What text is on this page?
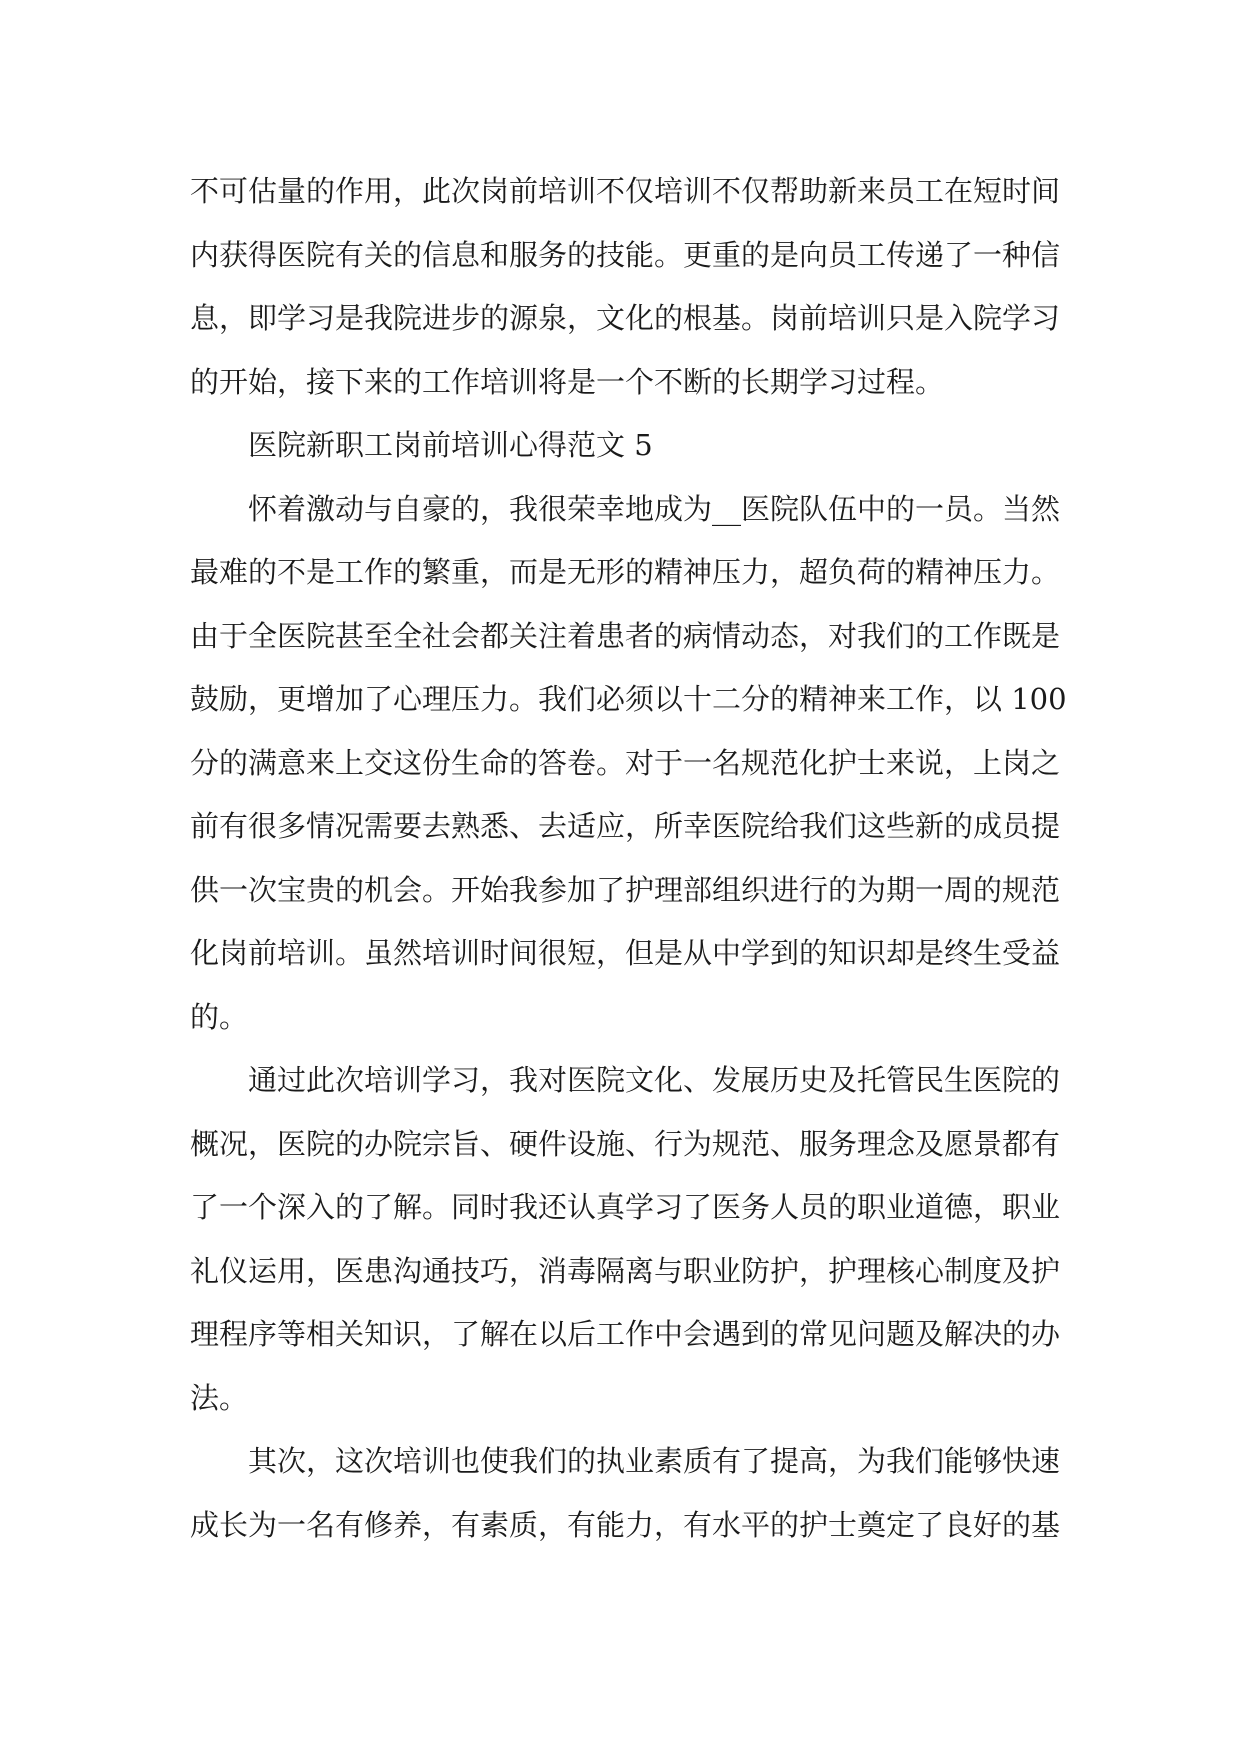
不可估量的作用，此次岗前培训不仅培训不仅帮助新来员工在短时间
内获得医院有关的信息和服务的技能。更重的是向员工传递了一种信
息，即学习是我院进步的源泉，文化的根基。岗前培训只是入院学习
的开始，接下来的工作培训将是一个不断的长期学习过程。
医院新职工岗前培训心得范文 5
怀着激动与自豪的，我很荣幸地成为__医院队伍中的一员。当然
最难的不是工作的繁重，而是无形的精神压力，超负荷的精神压力。
由于全医院甚至全社会都关注着患者的病情动态，对我们的工作既是
鼓励，更增加了心理压力。我们必须以十二分的精神来工作，以 100
分的满意来上交这份生命的答卷。对于一名规范化护士来说，上岗之
前有很多情况需要去熟悉、去适应，所幸医院给我们这些新的成员提
供一次宝贵的机会。开始我参加了护理部组织进行的为期一周的规范
化岗前培训。虽然培训时间很短，但是从中学到的知识却是终生受益
的。
通过此次培训学习，我对医院文化、发展历史及托管民生医院的
概况，医院的办院宗旨、硬件设施、行为规范、服务理念及愿景都有
了一个深入的了解。同时我还认真学习了医务人员的职业道德，职业
礼仪运用，医患沟通技巧，消毒隔离与职业防护，护理核心制度及护
理程序等相关知识，了解在以后工作中会遇到的常见问题及解决的办
法。
其次，这次培训也使我们的执业素质有了提高，为我们能够快速
成长为一名有修养，有素质，有能力，有水平的护士奠定了良好的基
